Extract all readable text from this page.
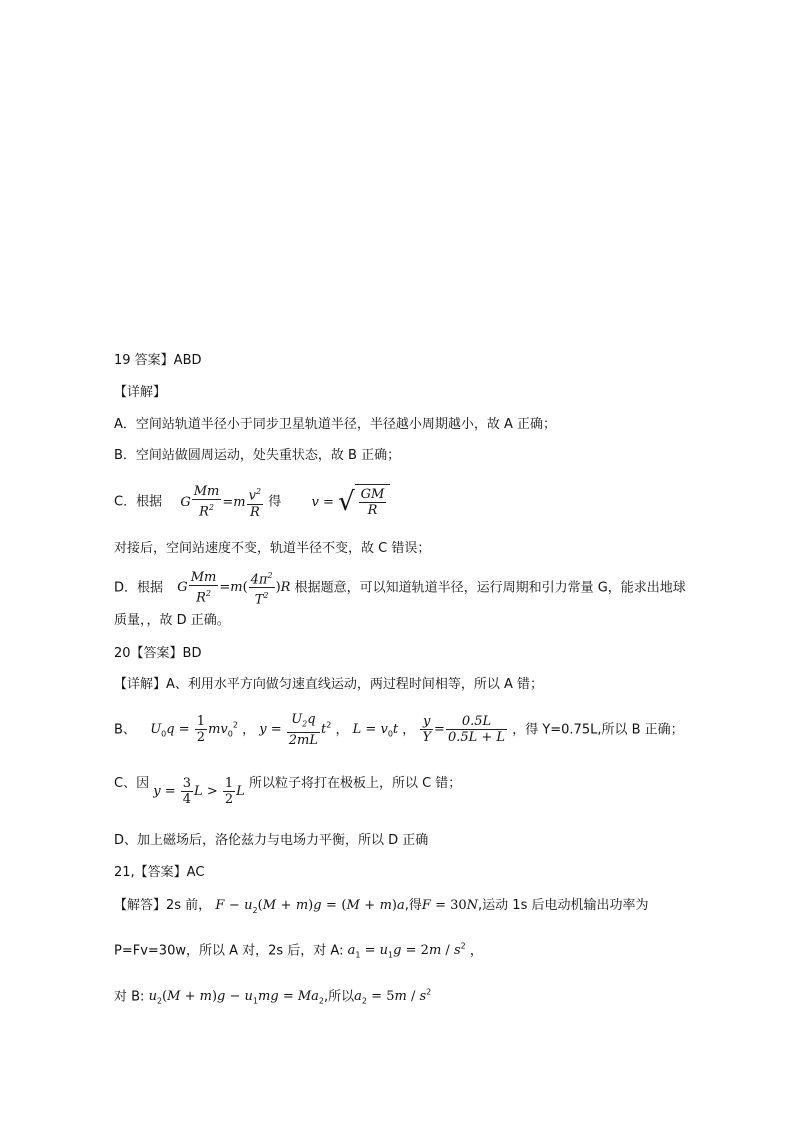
19 答案】ABD
【详解】
A．空间站轨道半径小于同步卫星轨道半径，半径越小周期越小，故 A 正确；
B．空间站做圆周运动，处失重状态，故 B 正确；
C．根据 G $\frac{Mm}{R^2} =m \frac{v^2}{R}$ 得 v = √ $\frac{GM}{R}$
对接后，空间站速度不变，轨道半径不变，故 C 错误；
D．根据 G $\frac{Mm}{R^2} =m( \frac{4\pi^2}{T^2} )R$ 根据题意，可以知道轨道半径，运行周期和引力常量 G，能求出地球
质量，，故 D 正确。
20【答案】BD
【详解】A、利用水平方向做匀速直线运动，两过程时间相等，所以 A 错；
B、 $U_0q = \frac{1}{2} mv_0^2$ ， $y = \frac{U_2q}{2mL} t^2$ ， $L = v_0t$ ， $\frac{y}{Y} = \frac{0.5L}{0.5L + L}$ ，得 Y=0.75L,所以 B 正确；
C、因 $y = \frac{3}{4}$ $L > \frac{1}{2}$ L 所以粒子将打在极板上，所以 C 错；
D、加上磁场后，洛伦兹力与电场力平衡，所以 D 正确
21,【答案】AC
【解答】2s 前， $F - u_2(M + m)g = (M + m)a$,得F = 30N,运动 1s 后电动机输出功率为
P=Fv=30w，所以 A 对，2s 后，对 A: $a_1 = u_1g = 2m / s^2$ ，
对 B: $u_2(M + m)g - u_1mg = Ma_2$,所以$a_2 = 5m / s^2$
